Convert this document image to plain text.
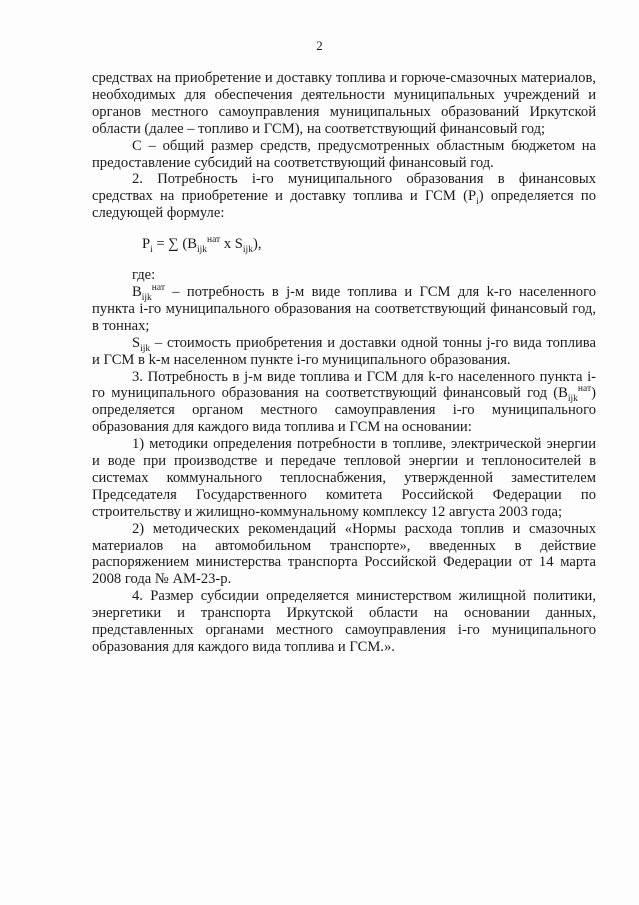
2

средствах на приобретение и доставку топлива и горюче-смазочных материалов, необходимых для обеспечения деятельности муниципальных учреждений и органов местного самоуправления муниципальных образований Иркутской области (далее – топливо и ГСМ), на соответствующий финансовый год;

С – общий размер средств, предусмотренных областным бюджетом на предоставление субсидий на соответствующий финансовый год.

2. Потребность i-го муниципального образования в финансовых средствах на приобретение и доставку топлива и ГСМ $(P_i)$ определяется по следующей формуле:

$P_i$ = ∑ ($B_{ijk}^{нат}$ x $S_{ijk}$),

где:

$B_{ijk}^{нат}$ – потребность в j-м виде топлива и ГСМ для k-го населенного пункта i-го муниципального образования на соответствующий финансовый год, в тоннах;

$S_{ijk}$ – стоимость приобретения и доставки одной тонны j-го вида топлива и ГСМ в k-м населенном пункте i-го муниципального образования.

3. Потребность в j-м виде топлива и ГСМ для k-го населенного пункта i-го муниципального образования на соответствующий финансовый год $(B_{ijk}^{нат})$ определяется органом местного самоуправления i-го муниципального образования для каждого вида топлива и ГСМ на основании:

1) методики определения потребности в топливе, электрической энергии и воде при производстве и передаче тепловой энергии и теплоносителей в системах коммунального теплоснабжения, утвержденной заместителем Председателя Государственного комитета Российской Федерации по строительству и жилищно-коммунальному комплексу 12 августа 2003 года;

2) методических рекомендаций «Нормы расхода топлив и смазочных материалов на автомобильном транспорте», введенных в действие распоряжением министерства транспорта Российской Федерации от 14 марта 2008 года № АМ-23-р.

4. Размер субсидии определяется министерством жилищной политики, энергетики и транспорта Иркутской области на основании данных, представленных органами местного самоуправления i-го муниципального образования для каждого вида топлива и ГСМ.».
